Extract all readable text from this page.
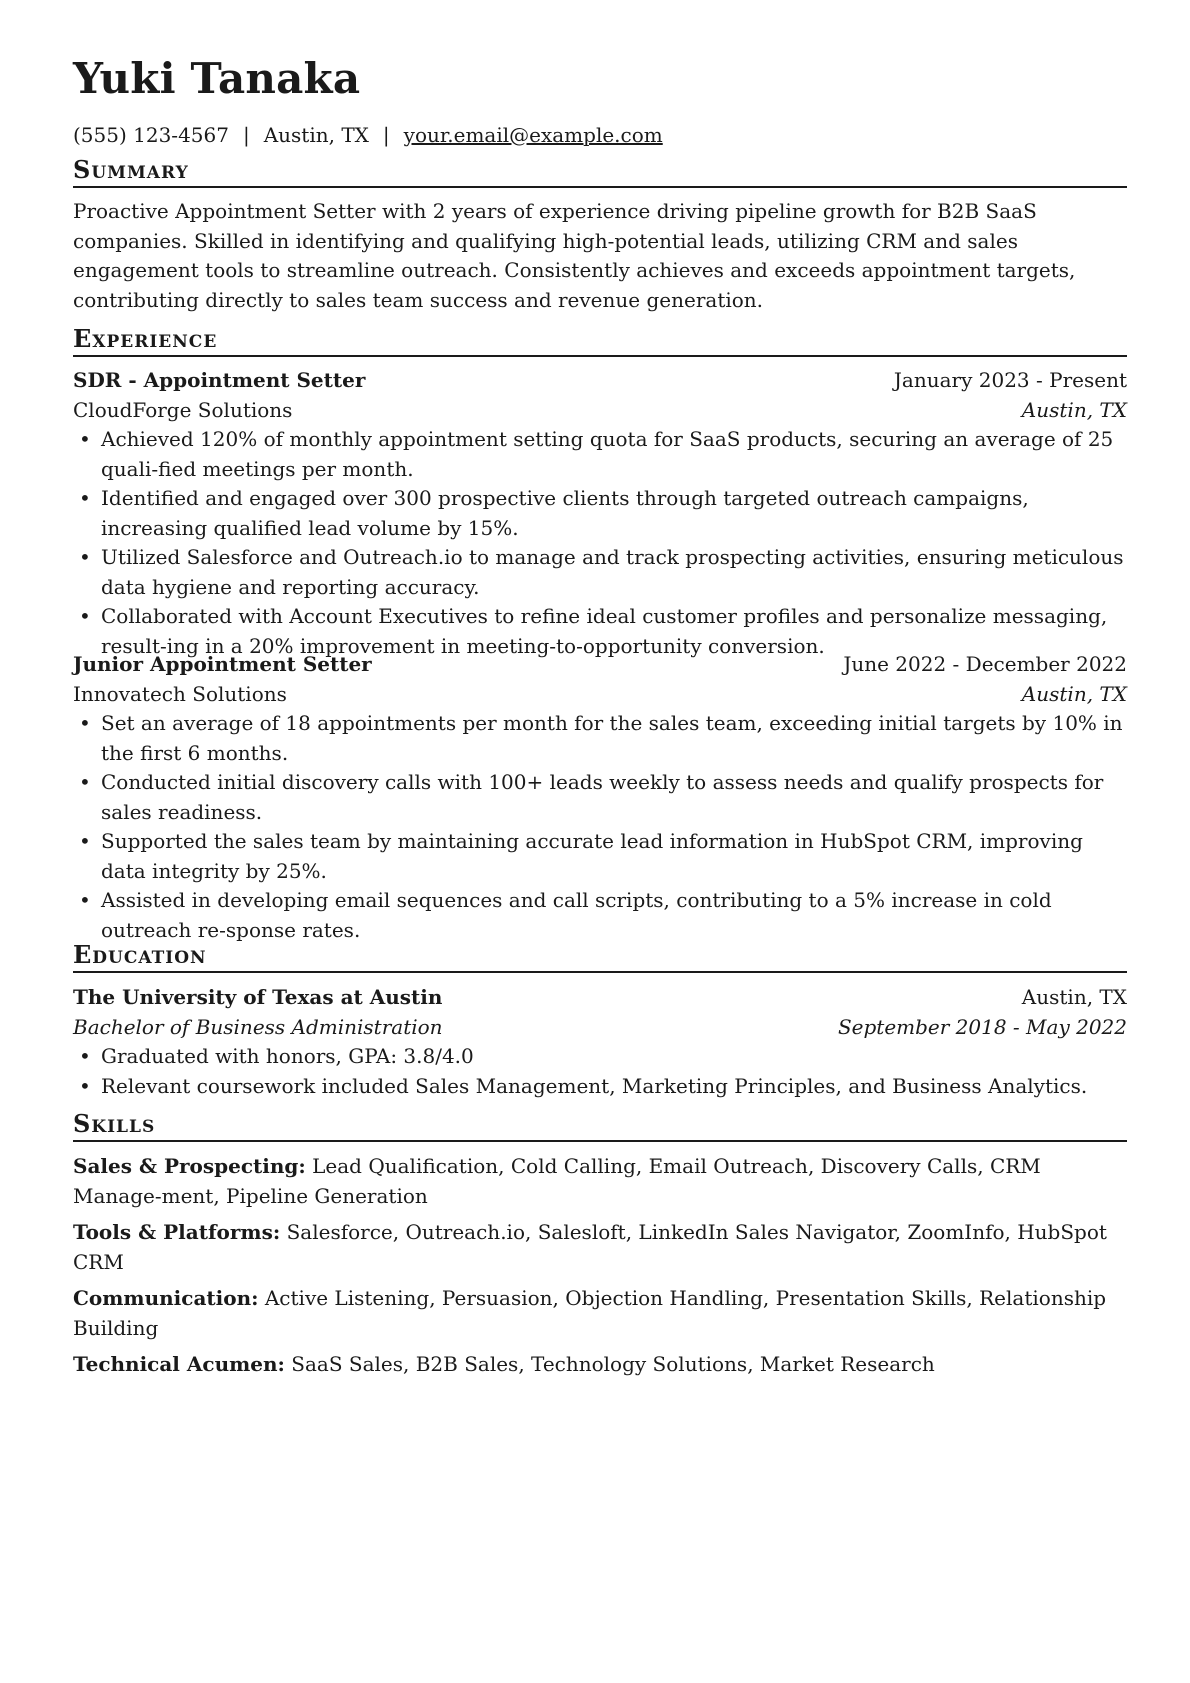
Yuki Tanaka
(555) 123-4567 | Austin, TX | your.email@example.com
Summary
Proactive Appointment Setter with 2 years of experience driving pipeline growth for B2B SaaS companies. Skilled in identifying and qualifying high-potential leads, utilizing CRM and sales engagement tools to streamline outreach. Consistently achieves and exceeds appointment targets, contributing directly to sales team success and revenue generation.
Experience
SDR - Appointment Setter	January 2023 - Present
CloudForge Solutions	Austin, TX
• Achieved 120% of monthly appointment setting quota for SaaS products, securing an average of 25 quali-fied meetings per month.
• Identified and engaged over 300 prospective clients through targeted outreach campaigns, increasing qualified lead volume by 15%.
• Utilized Salesforce and Outreach.io to manage and track prospecting activities, ensuring meticulous data hygiene and reporting accuracy.
• Collaborated with Account Executives to refine ideal customer profiles and personalize messaging, result-ing in a 20% improvement in meeting-to-opportunity conversion.
Junior Appointment Setter	June 2022 - December 2022
Innovatech Solutions	Austin, TX
• Set an average of 18 appointments per month for the sales team, exceeding initial targets by 10% in the first 6 months.
• Conducted initial discovery calls with 100+ leads weekly to assess needs and qualify prospects for sales readiness.
• Supported the sales team by maintaining accurate lead information in HubSpot CRM, improving data integrity by 25%.
• Assisted in developing email sequences and call scripts, contributing to a 5% increase in cold outreach re-sponse rates.
Education
The University of Texas at Austin	Austin, TX
Bachelor of Business Administration	September 2018 - May 2022
• Graduated with honors, GPA: 3.8/4.0
• Relevant coursework included Sales Management, Marketing Principles, and Business Analytics.
Skills
Sales & Prospecting: Lead Qualification, Cold Calling, Email Outreach, Discovery Calls, CRM Manage-ment, Pipeline Generation
Tools & Platforms: Salesforce, Outreach.io, Salesloft, LinkedIn Sales Navigator, ZoomInfo, HubSpot CRM
Communication: Active Listening, Persuasion, Objection Handling, Presentation Skills, Relationship Building
Technical Acumen: SaaS Sales, B2B Sales, Technology Solutions, Market Research
